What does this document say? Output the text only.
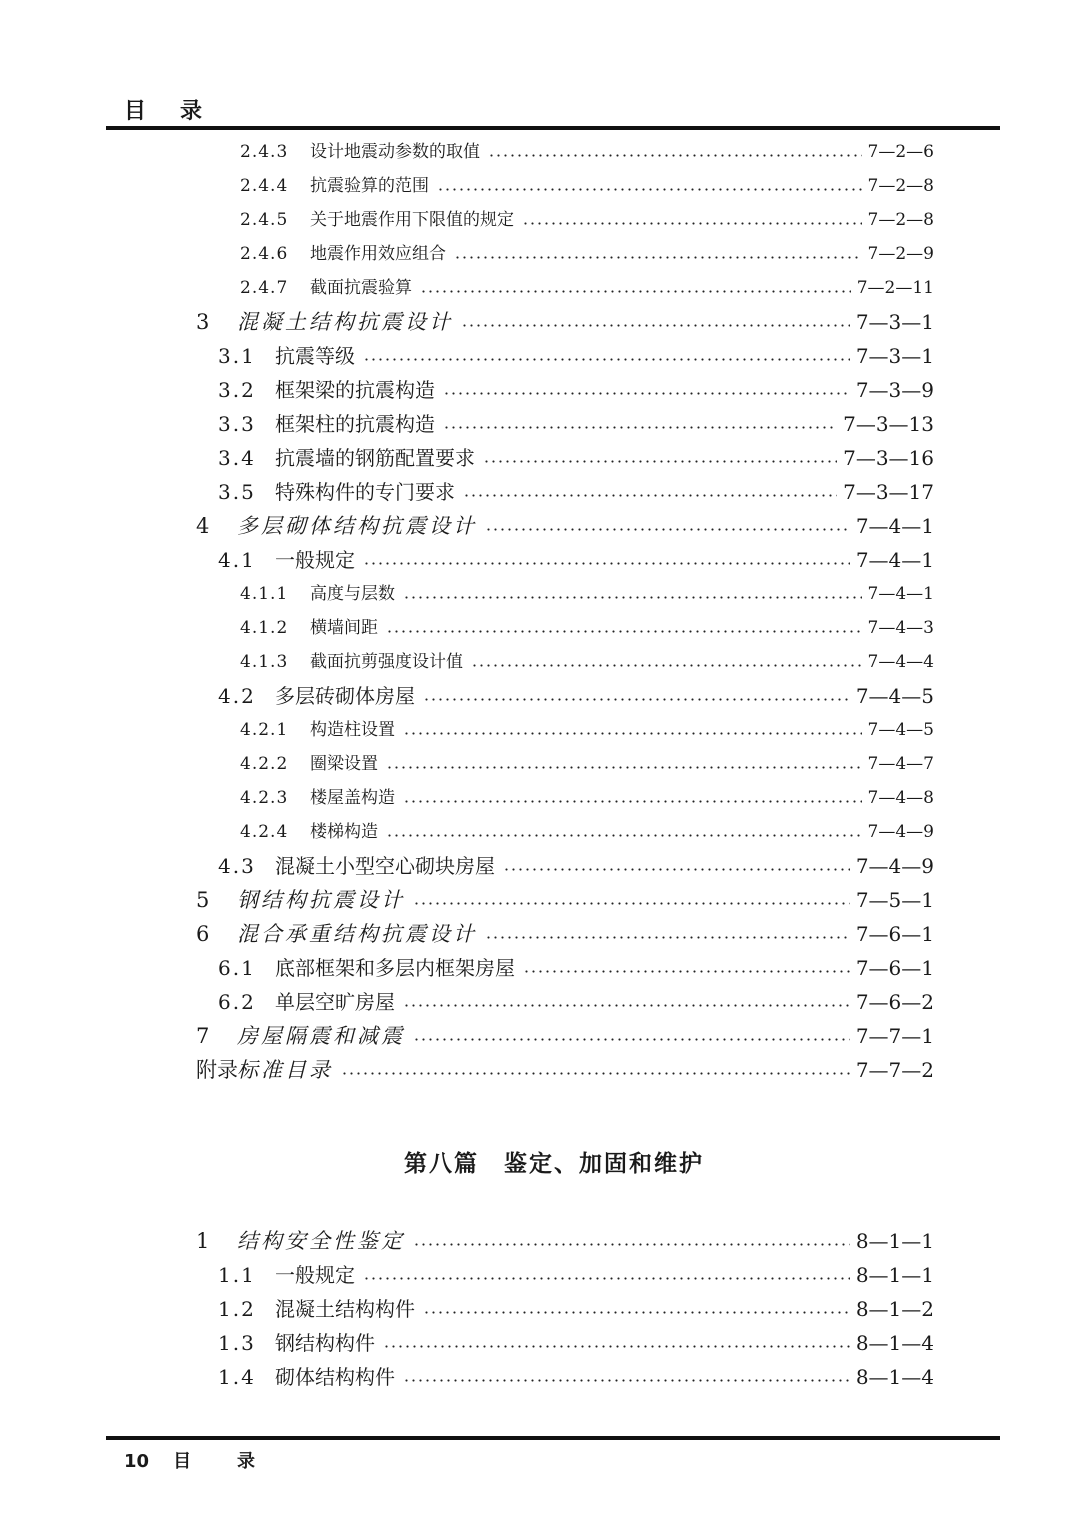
目录
2.4.3	设计地震动参数的取值	7—2—6
2.4.4	抗震验算的范围	7—2—8
2.4.5	关于地震作用下限值的规定	7—2—8
2.4.6	地震作用效应组合	7—2—9
2.4.7	截面抗震验算	7—2—11
3	混凝土结构抗震设计	7—3—1
3.1 抗震等级	7—3—1
3.2 框架梁的抗震构造	7—3—9
3.3 框架柱的抗震构造	7—3—13
3.4 抗震墙的钢筋配置要求	7—3—16
3.5 特殊构件的专门要求	7—3—17
4	多层砌体结构抗震设计	7—4—1
4.1 一般规定	7—4—1
4.1.1	高度与层数	7—4—1
4.1.2	横墙间距	7—4—3
4.1.3	截面抗剪强度设计值	7—4—4
4.2 多层砖砌体房屋	7—4—5
4.2.1	构造柱设置	7—4—5
4.2.2	圈梁设置	7—4—7
4.2.3	楼屋盖构造	7—4—8
4.2.4	楼梯构造	7—4—9
4.3 混凝土小型空心砌块房屋	7—4—9
5	钢结构抗震设计	7—5—1
6	混合承重结构抗震设计	7—6—1
6.1 底部框架和多层内框架房屋	7—6—1
6.2 单层空旷房屋	7—6—2
7	房屋隔震和减震	7—7—1
附录 标准目录	7—7—2
第八篇　鉴定、加固和维护
1	结构安全性鉴定	8—1—1
1.1 一般规定	8—1—1
1.2 混凝土结构构件	8—1—2
1.3 钢结构构件	8—1—4
1.4 砌体结构构件	8—1—4
10 目录
